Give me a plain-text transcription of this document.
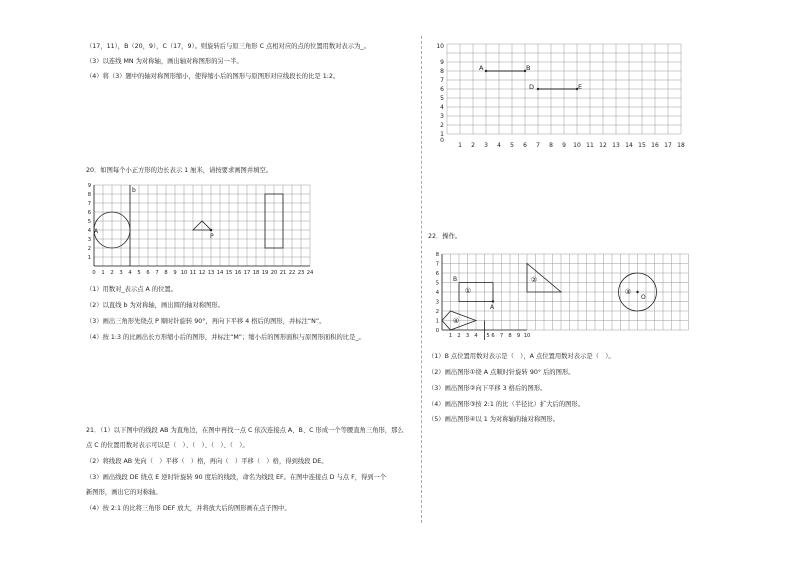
（17，11），B（20，9），C（17，9）。则旋转后与原三角形 C 点相对应的点的位置用数对表示为_。
（3）以连线 MN 为对称轴，画出轴对称图形的另一半。
（4）将（3）题中的轴对称图形缩小，使得缩小后的图形与原图形对应线段长的比是 1:2。
20．如图每个小正方形的边长表示 1 厘米，请按要求画图并填空。
A
b
P
0 1 2 3 4 5 6 7 8 9 10 11 12 13 14 15 16 17 18 19 20 21 22 23 24
1
2
3
4
5
6
7
8
9
（1）用数对_表示点 A 的位置。
（2）以直线 b 为对称轴，画出圆的轴对称图形。
（3）画出三角形先绕点 P 顺时针旋转 90°，再向下平移 4 格后的图形，并标注“N”。
（4）按 1:3 的比画出长方形缩小后的图形，并标注“M”；缩小后的图形面积与原图形面积的比是_。
21．（1）以下图中的线段 AB 为直角边，在图中再找一点 C 依次连接点 A、B、C 形成一个等腰直角三角形，那么
点 C 的位置用数对表示可以是（　）、（　）、（　）、（　）。
（2）将线段 AB 先向（　）平移（　）格，再向（　）平移（　）格，得到线段 DE。
（3）画出线段 DE 绕点 E 逆时针旋转 90 度后的线段，命名为线段 EF。在图中连接点 D 与点 F，得到一个
新图形，画出它的对称轴。
（4）按 2:1 的比将三角形 DEF 放大，并将放大后的图形画在点子图中。
A	B
D	E
0
1
2
3
4
5
6
7
8
9
10
1 2 3 4 5 6 7 8 9 10 11 12 13 14 15 16 17 18
22．操作。
B
A
O
①
②
③
④
0
1
2
3
4
5
6
7
8
1 2 3 4 5 6 7 8 9 10
（1）B 点位置用数对表示是（　），A 点位置用数对表示是（　）。
（2）画出图形①绕 A 点顺时针旋转 90° 后的图形。
（3）画出图形②向下平移 3 格后的图形。
（4）画出图形③按 2:1 的比（半径比）扩大后的图形。
（5）画出图形④以 1 为对称轴的轴对称图形。
